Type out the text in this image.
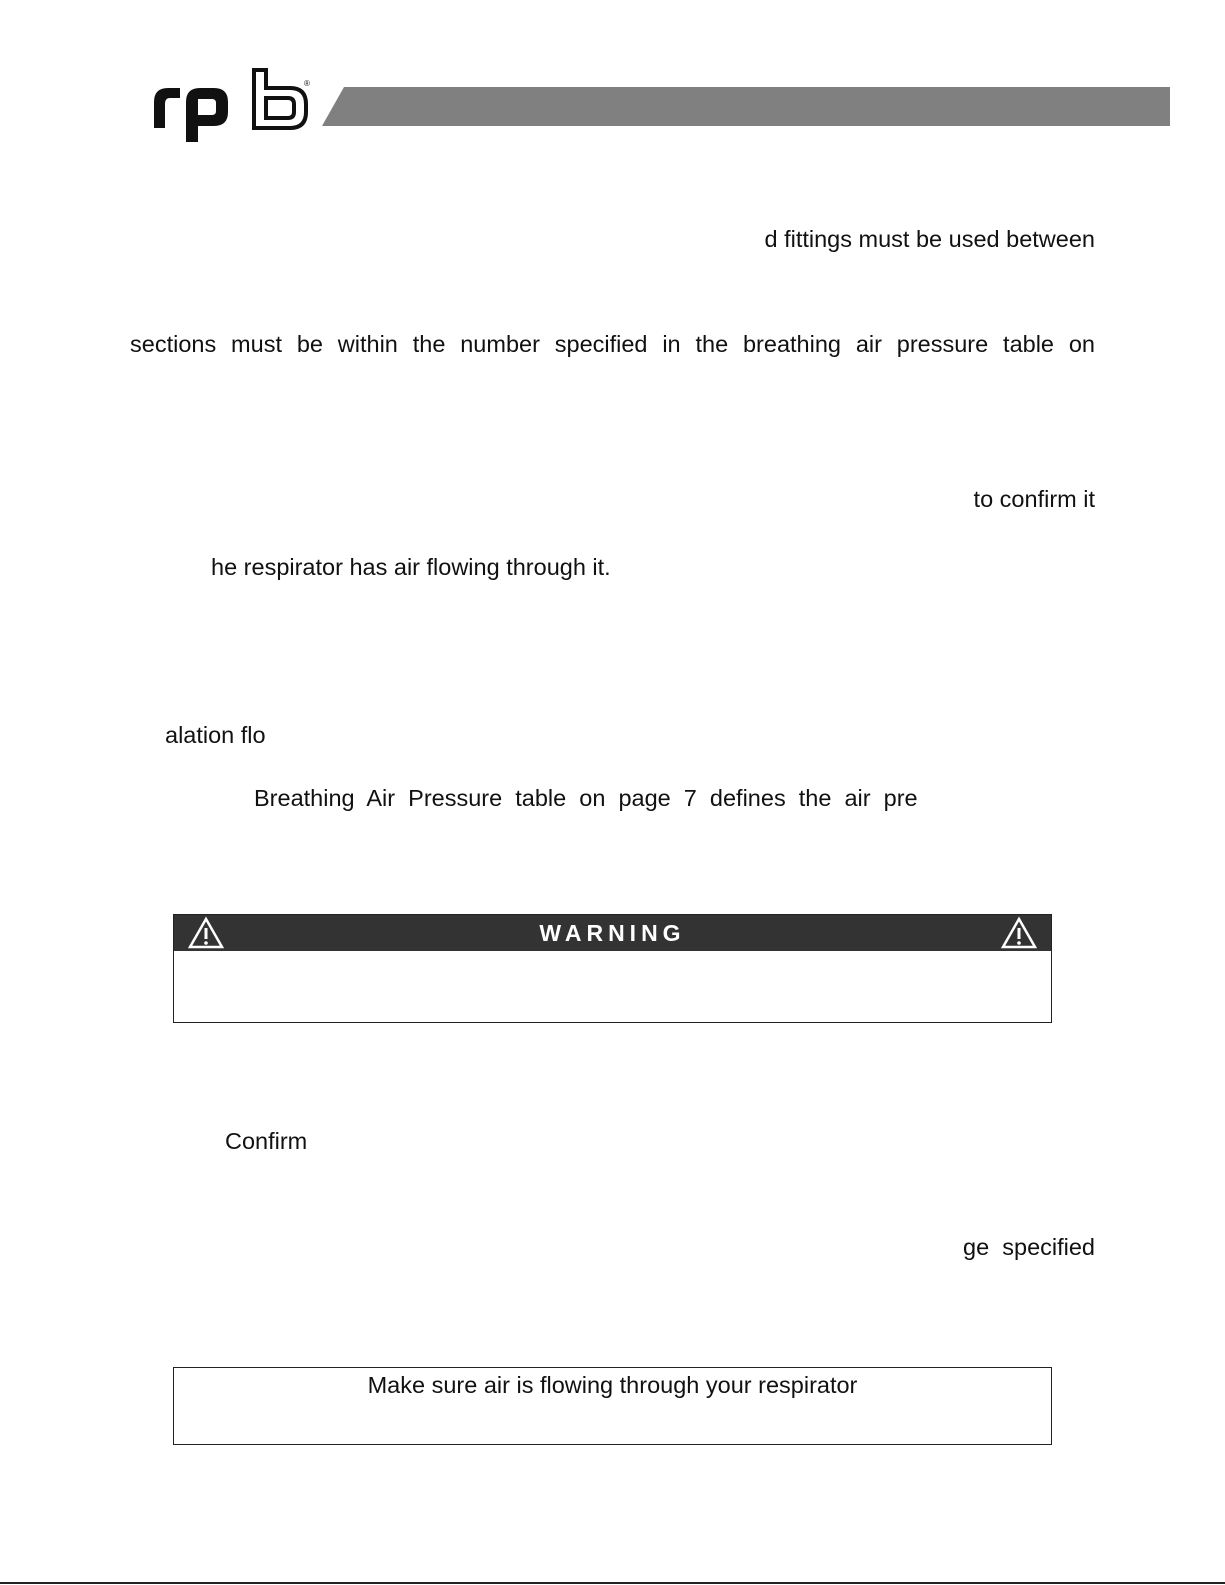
®
d fittings must be used between
sections must be within the number specified in the breathing air pressure table on
to confirm it
he respirator has air flowing through it.
alation flo
Breathing  Air  Pressure  table  on  page  7  defines  the  air  pre
WARNING
Confirm
ge  specified
Make sure air is flowing through your respirator
